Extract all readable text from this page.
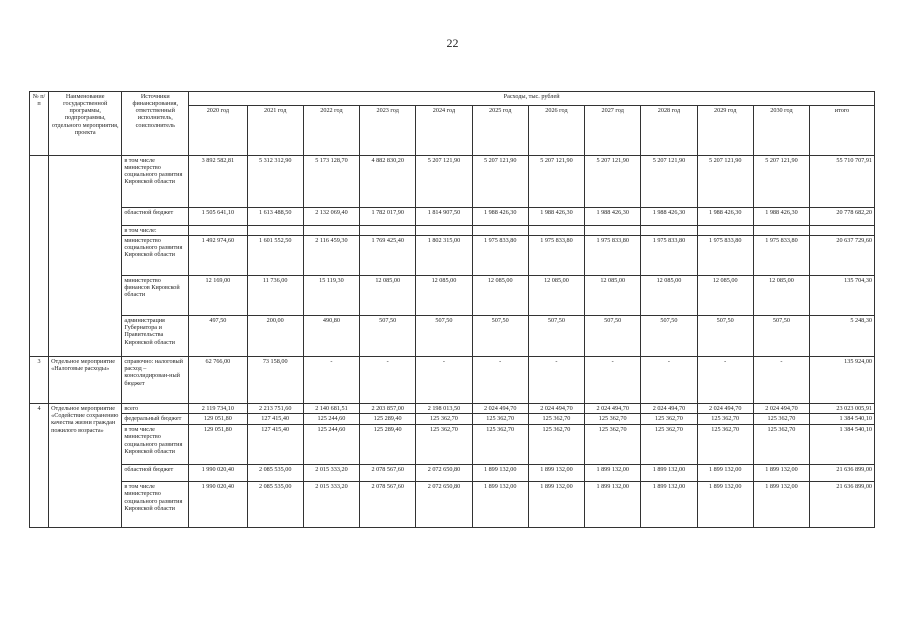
22
№ п/п	Наименование государственной программы, подпрограммы, отдельного мероприятия, проекта	Источники финансирования, ответственный исполнитель, соисполнитель	Расходы, тыс. рублей											
			2020 год	2021 год	2022 год	2023 год	2024 год	2025 год	2026 год	2027 год	2028 год	2029 год	2030 год	итого
		в том числе министерство социального развития Кировской области	3 892 582,81	5 312 312,90	5 173 128,70	4 882 830,20	5 207 121,90	5 207 121,90	5 207 121,90	5 207 121,90	5 207 121,90	5 207 121,90	5 207 121,90	55 710 707,91
		областной бюджет	1 505 641,10	1 613 488,50	2 132 069,40	1 782 017,90	1 814 907,50	1 988 426,30	1 988 426,30	1 988 426,30	1 988 426,30	1 988 426,30	1 988 426,30	20 778 682,20
		в том числе:												
		министерство социального развития Кировской области	1 492 974,60	1 601 552,50	2 116 459,30	1 769 425,40	1 802 315,00	1 975 833,80	1 975 833,80	1 975 833,80	1 975 833,80	1 975 833,80	1 975 833,80	20 637 729,60
		министерство финансов Кировской области	12 169,00	11 736,00	15 119,30	12 085,00	12 085,00	12 085,00	12 085,00	12 085,00	12 085,00	12 085,00	12 085,00	135 704,30
		администрация Губернатора и Правительства Кировской области	497,50	200,00	490,80	507,50	507,50	507,50	507,50	507,50	507,50	507,50	507,50	5 248,30
3	Отдельное мероприятие «Налоговые расходы»	справочно: налоговый расход – консолидирован-ный бюджет	62 766,00	73 158,00	-	-	-	-	-	-	-	-	-	135 924,00
4	Отдельное мероприятие «Содействие сохранению качества жизни граждан пожилого возраста»	всего	2 119 734,10	2 213 751,60	2 140 681,51	2 203 857,00	2 198 013,50	2 024 494,70	2 024 494,70	2 024 494,70	2 024 494,70	2 024 494,70	2 024 494,70	23 023 005,91
		федеральный бюджет	129 051,80	127 415,40	125 244,60	125 289,40	125 362,70	125 362,70	125 362,70	125 362,70	125 362,70	125 362,70	125 362,70	1 384 540,10
		в том числе министерство социального развития Кировской области	129 051,80	127 415,40	125 244,60	125 289,40	125 362,70	125 362,70	125 362,70	125 362,70	125 362,70	125 362,70	125 362,70	1 384 540,10
		областной бюджет	1 990 020,40	2 085 535,00	2 015 333,20	2 078 567,60	2 072 650,80	1 899 132,00	1 899 132,00	1 899 132,00	1 899 132,00	1 899 132,00	1 899 132,00	21 636 899,00
		в том числе министерство социального развития Кировской области	1 990 020,40	2 085 535,00	2 015 333,20	2 078 567,60	2 072 650,80	1 899 132,00	1 899 132,00	1 899 132,00	1 899 132,00	1 899 132,00	1 899 132,00	21 636 899,00
